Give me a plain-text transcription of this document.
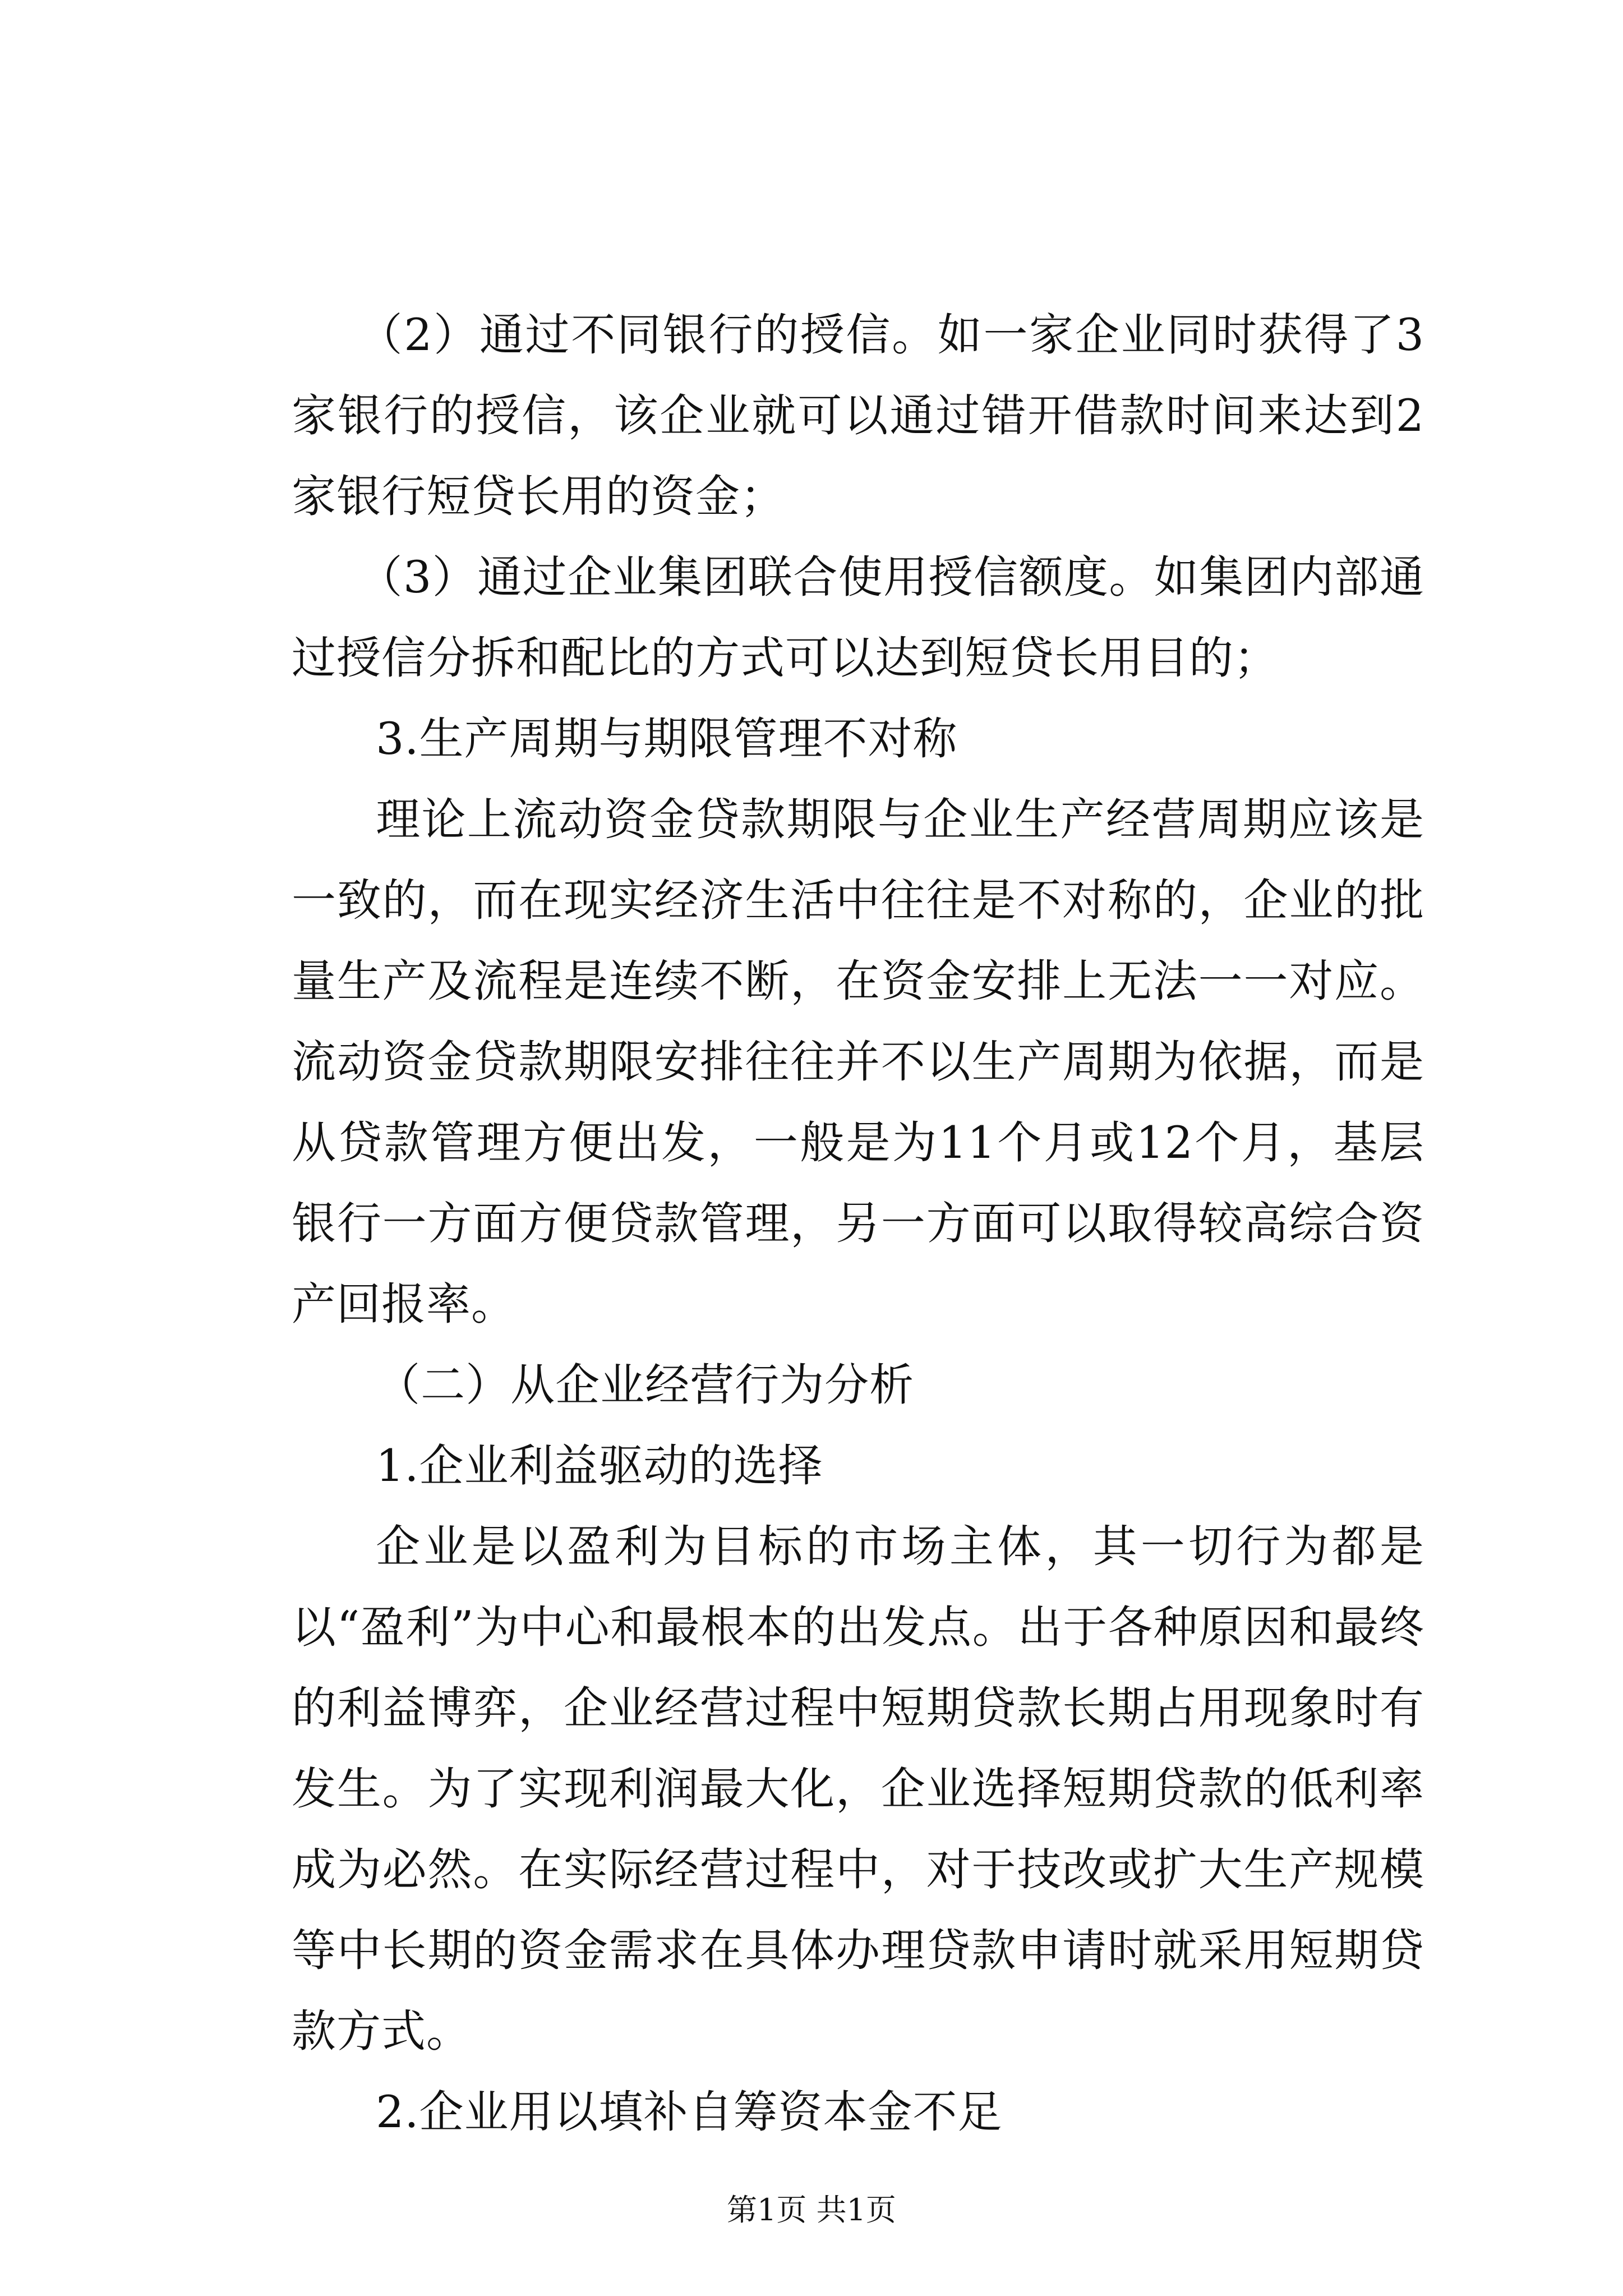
（2）通过不同银行的授信。如一家企业同时获得了3家银行的授信，该企业就可以通过错开借款时间来达到2家银行短贷长用的资金；

（3）通过企业集团联合使用授信额度。如集团内部通过授信分拆和配比的方式可以达到短贷长用目的；

3.生产周期与期限管理不对称

理论上流动资金贷款期限与企业生产经营周期应该是一致的，而在现实经济生活中往往是不对称的，企业的批量生产及流程是连续不断，在资金安排上无法一一对应。流动资金贷款期限安排往往并不以生产周期为依据，而是从贷款管理方便出发，一般是为11个月或12个月，基层银行一方面方便贷款管理，另一方面可以取得较高综合资产回报率。

（二）从企业经营行为分析

1.企业利益驱动的选择

企业是以盈利为目标的市场主体，其一切行为都是以“盈利”为中心和最根本的出发点。出于各种原因和最终的利益博弈，企业经营过程中短期贷款长期占用现象时有发生。为了实现利润最大化，企业选择短期贷款的低利率成为必然。在实际经营过程中，对于技改或扩大生产规模等中长期的资金需求在具体办理贷款申请时就采用短期贷款方式。

2.企业用以填补自筹资本金不足

第1页 共1页
